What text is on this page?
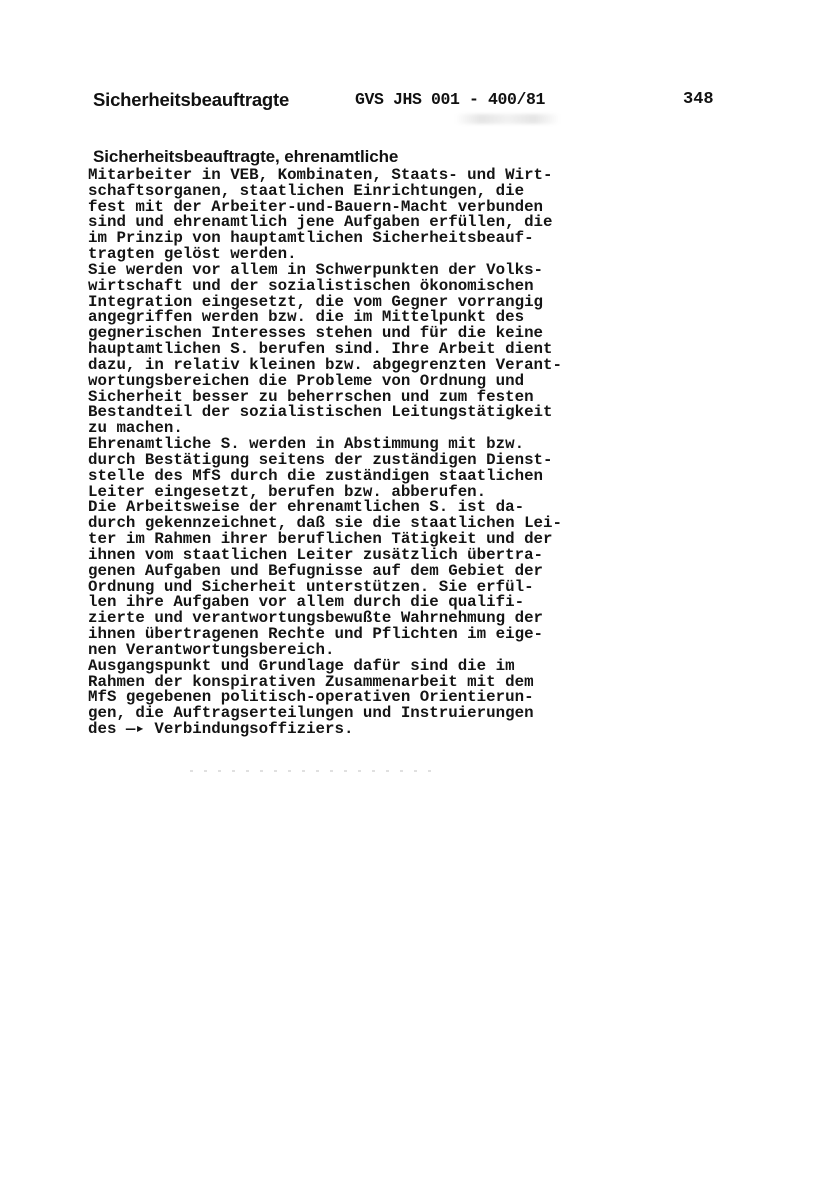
Sicherheitsbeauftragte	GVS JHS 001 - 400/81	348
Sicherheitsbeauftragte, ehrenamtliche
Mitarbeiter in VEB, Kombinaten, Staats- und Wirt-
schaftsorganen, staatlichen Einrichtungen, die
fest mit der Arbeiter-und-Bauern-Macht verbunden
sind und ehrenamtlich jene Aufgaben erfüllen, die
im Prinzip von hauptamtlichen Sicherheitsbeauf-
tragten gelöst werden.
Sie werden vor allem in Schwerpunkten der Volks-
wirtschaft und der sozialistischen ökonomischen
Integration eingesetzt, die vom Gegner vorrangig
angegriffen werden bzw. die im Mittelpunkt des
gegnerischen Interesses stehen und für die keine
hauptamtlichen S. berufen sind. Ihre Arbeit dient
dazu, in relativ kleinen bzw. abgegrenzten Verant-
wortungsbereichen die Probleme von Ordnung und
Sicherheit besser zu beherrschen und zum festen
Bestandteil der sozialistischen Leitungstätigkeit
zu machen.
Ehrenamtliche S. werden in Abstimmung mit bzw.
durch Bestätigung seitens der zuständigen Dienst-
stelle des MfS durch die zuständigen staatlichen
Leiter eingesetzt, berufen bzw. abberufen.
Die Arbeitsweise der ehrenamtlichen S. ist da-
durch gekennzeichnet, daß sie die staatlichen Lei-
ter im Rahmen ihrer beruflichen Tätigkeit und der
ihnen vom staatlichen Leiter zusätzlich übertra-
genen Aufgaben und Befugnisse auf dem Gebiet der
Ordnung und Sicherheit unterstützen. Sie erfül-
len ihre Aufgaben vor allem durch die qualifi-
zierte und verantwortungsbewußte Wahrnehmung der
ihnen übertragenen Rechte und Pflichten im eige-
nen Verantwortungsbereich.
Ausgangspunkt und Grundlage dafür sind die im
Rahmen der konspirativen Zusammenarbeit mit dem
MfS gegebenen politisch-operativen Orientierun-
gen, die Auftragserteilungen und Instruierungen
des —▸ Verbindungsoffiziers.
